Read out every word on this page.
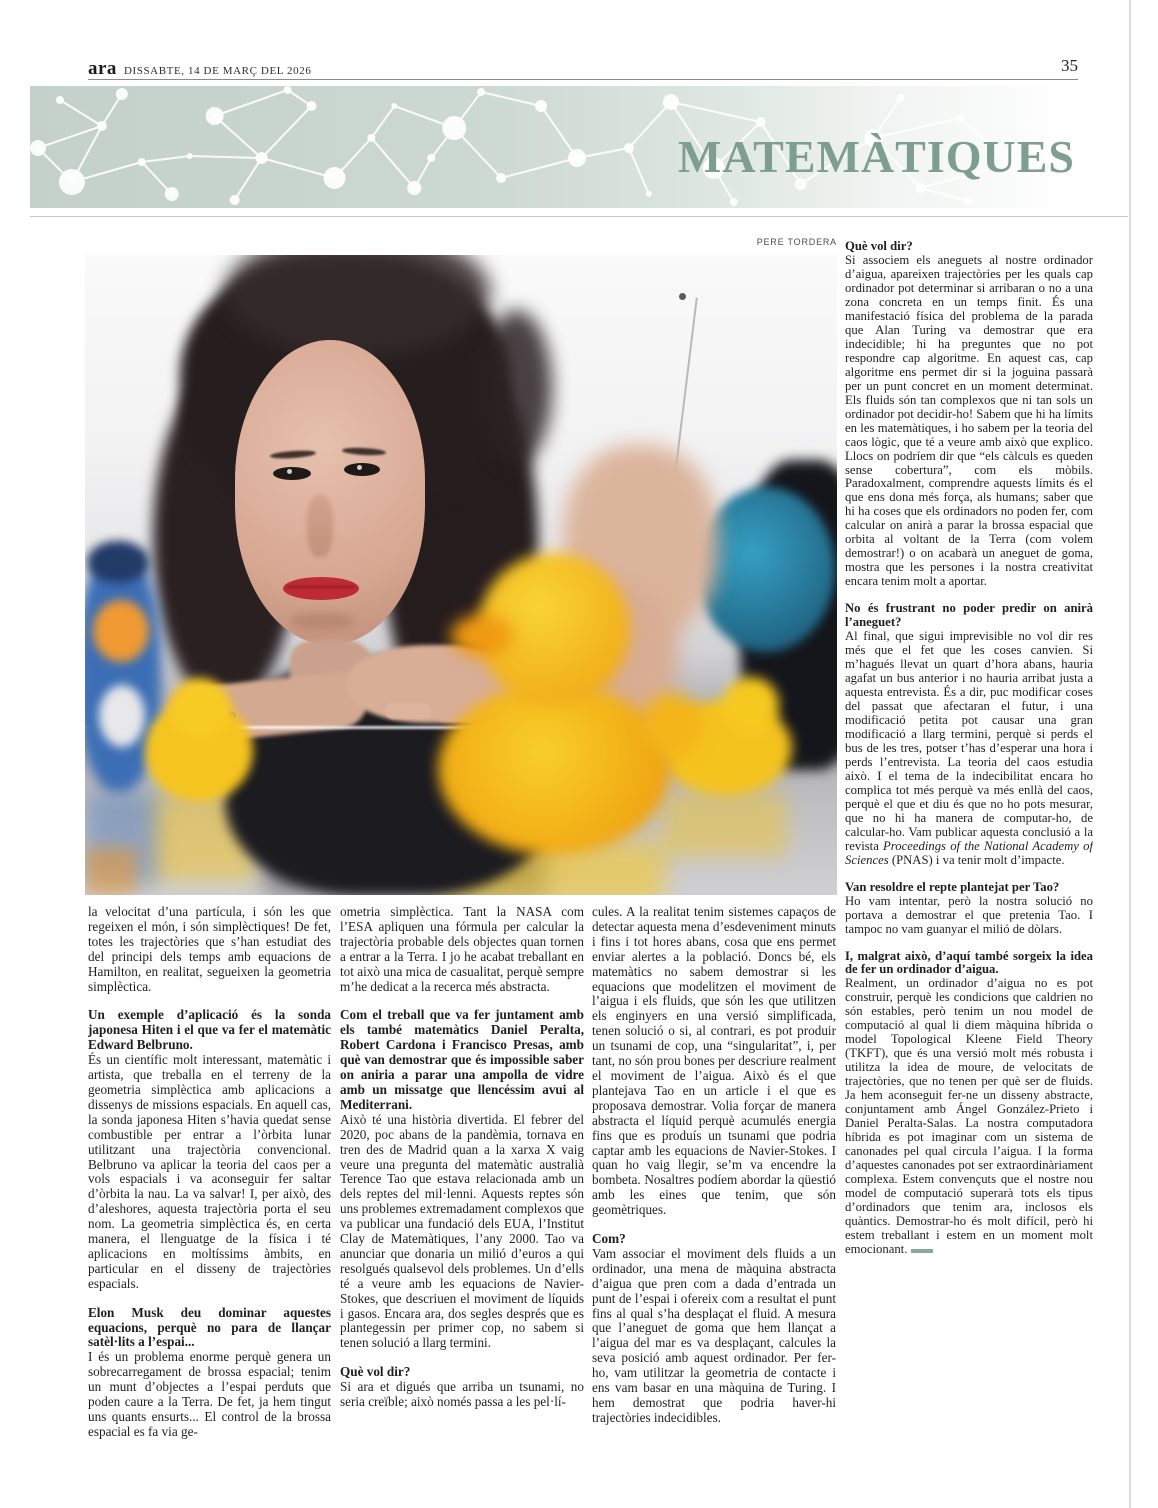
ara DISSABTE, 14 DE MARÇ DEL 2026	35
MATEMÀTIQUES
PERE TORDERA

la velocitat d’una partícula, i són les que regeixen el món, i són simplèctiques! De fet, totes les trajectòries que s’han estudiat des del principi dels temps amb equacions de Hamilton, en realitat, segueixen la geometria simplèctica.

Un exemple d’aplicació és la sonda japonesa Hiten i el que va fer el matemàtic Edward Belbruno.

És un científic molt interessant, matemàtic i artista, que treballa en el terreny de la geometria simplèctica amb aplicacions a dissenys de missions espacials. En aquell cas, la sonda japonesa Hiten s’havia quedat sense combustible per entrar a l’òrbita lunar utilitzant una trajectòria convencional. Belbruno va aplicar la teoria del caos per a vols espacials i va aconseguir fer saltar d’òrbita la nau. La va salvar! I, per això, des d’aleshores, aquesta trajectòria porta el seu nom. La geometria simplèctica és, en certa manera, el llenguatge de la física i té aplicacions en moltíssims àmbits, en particular en el disseny de trajectòries espacials.

Elon Musk deu dominar aquestes equacions, perquè no para de llançar satèl·lits a l’espai...

I és un problema enorme perquè genera un sobrecarregament de brossa espacial; tenim un munt d’objectes a l’espai perduts que poden caure a la Terra. De fet, ja hem tingut uns quants ensurts... El control de la brossa espacial es fa via ge-

ometria simplèctica. Tant la NASA com l’ESA apliquen una fórmula per calcular la trajectòria probable dels objectes quan tornen a entrar a la Terra. I jo he acabat treballant en tot això una mica de casualitat, perquè sempre m’he dedicat a la recerca més abstracta.

Com el treball que va fer juntament amb els també matemàtics Daniel Peralta, Robert Cardona i Francisco Presas, amb què van demostrar que és impossible saber on aniria a parar una ampolla de vidre amb un missatge que llencéssim avui al Mediterrani.

Això té una història divertida. El febrer del 2020, poc abans de la pandèmia, tornava en tren des de Madrid quan a la xarxa X vaig veure una pregunta del matemàtic australià Terence Tao que estava relacionada amb un dels reptes del mil·lenni. Aquests reptes són uns problemes extremadament complexos que va publicar una fundació dels EUA, l’Institut Clay de Matemàtiques, l’any 2000. Tao va anunciar que donaria un milió d’euros a qui resolgués qualsevol dels problemes. Un d’ells té a veure amb les equacions de Navier-Stokes, que descriuen el moviment de líquids i gasos. Encara ara, dos segles després que es plantegessin per primer cop, no sabem si tenen solució a llarg termini.

Què vol dir?

Si ara et digués que arriba un tsunami, no seria creïble; això només passa a les pel·lí-

cules. A la realitat tenim sistemes capaços de detectar aquesta mena d’esdeveniment minuts i fins i tot hores abans, cosa que ens permet enviar alertes a la població. Doncs bé, els matemàtics no sabem demostrar si les equacions que modelitzen el moviment de l’aigua i els fluids, que són les que utilitzen els enginyers en una versió simplificada, tenen solució o si, al contrari, es pot produir un tsunami de cop, una “singularitat”, i, per tant, no són prou bones per descriure realment el moviment de l’aigua. Això és el que plantejava Tao en un article i el que es proposava demostrar. Volia forçar de manera abstracta el líquid perquè acumulés energia fins que es produís un tsunami que podria captar amb les equacions de Navier-Stokes. I quan ho vaig llegir, se’m va encendre la bombeta. Nosaltres podíem abordar la qüestió amb les eines que tenim, que són geomètriques.

Com?

Vam associar el moviment dels fluids a un ordinador, una mena de màquina abstracta d’aigua que pren com a dada d’entrada un punt de l’espai i ofereix com a resultat el punt fins al qual s’ha desplaçat el fluid. A mesura que l’aneguet de goma que hem llançat a l’aigua del mar es va desplaçant, calcules la seva posició amb aquest ordinador. Per fer-ho, vam utilitzar la geometria de contacte i ens vam basar en una màquina de Turing. I hem demostrat que podria haver-hi trajectòries indecidibles.

Què vol dir?

Si associem els aneguets al nostre ordinador d’aigua, apareixen trajectòries per les quals cap ordinador pot determinar si arribaran o no a una zona concreta en un temps finit. És una manifestació física del problema de la parada que Alan Turing va demostrar que era indecidible; hi ha preguntes que no pot respondre cap algoritme. En aquest cas, cap algoritme ens permet dir si la joguina passarà per un punt concret en un moment determinat. Els fluids són tan complexos que ni tan sols un ordinador pot decidir-ho! Sabem que hi ha límits en les matemàtiques, i ho sabem per la teoria del caos lògic, que té a veure amb això que explico. Llocs on podríem dir que “els càlculs es queden sense cobertura”, com els mòbils. Paradoxalment, comprendre aquests límits és el que ens dona més força, als humans; saber que hi ha coses que els ordinadors no poden fer, com calcular on anirà a parar la brossa espacial que orbita al voltant de la Terra (com volem demostrar!) o on acabarà un aneguet de goma, mostra que les persones i la nostra creativitat encara tenim molt a aportar.

No és frustrant no poder predir on anirà l’aneguet?

Al final, que sigui imprevisible no vol dir res més que el fet que les coses canvien. Si m’hagués llevat un quart d’hora abans, hauria agafat un bus anterior i no hauria arribat justa a aquesta entrevista. És a dir, puc modificar coses del passat que afectaran el futur, i una modificació petita pot causar una gran modificació a llarg termini, perquè si perds el bus de les tres, potser t’has d’esperar una hora i perds l’entrevista. La teoria del caos estudia això. I el tema de la indecibilitat encara ho complica tot més perquè va més enllà del caos, perquè el que et diu és que no ho pots mesurar, que no hi ha manera de computar-ho, de calcular-ho. Vam publicar aquesta conclusió a la revista Proceedings of the National Academy of Sciences (PNAS) i va tenir molt d’impacte.

Van resoldre el repte plantejat per Tao?

Ho vam intentar, però la nostra solució no portava a demostrar el que pretenia Tao. I tampoc no vam guanyar el milió de dòlars.

I, malgrat això, d’aquí també sorgeix la idea de fer un ordinador d’aigua.

Realment, un ordinador d’aigua no es pot construir, perquè les condicions que caldrien no són estables, però tenim un nou model de computació al qual li diem màquina híbrida o model Topological Kleene Field Theory (TKFT), que és una versió molt més robusta i utilitza la idea de moure, de velocitats de trajectòries, que no tenen per què ser de fluids. Ja hem aconseguit fer-ne un disseny abstracte, conjuntament amb Ángel González-Prieto i Daniel Peralta-Salas. La nostra computadora híbrida es pot imaginar com un sistema de canonades pel qual circula l’aigua. I la forma d’aquestes canonades pot ser extraordinàriament complexa. Estem convençuts que el nostre nou model de computació superarà tots els tipus d’ordinadors que tenim ara, inclosos els quàntics. Demostrar-ho és molt difícil, però hi estem treballant i estem en un moment molt emocionant.
